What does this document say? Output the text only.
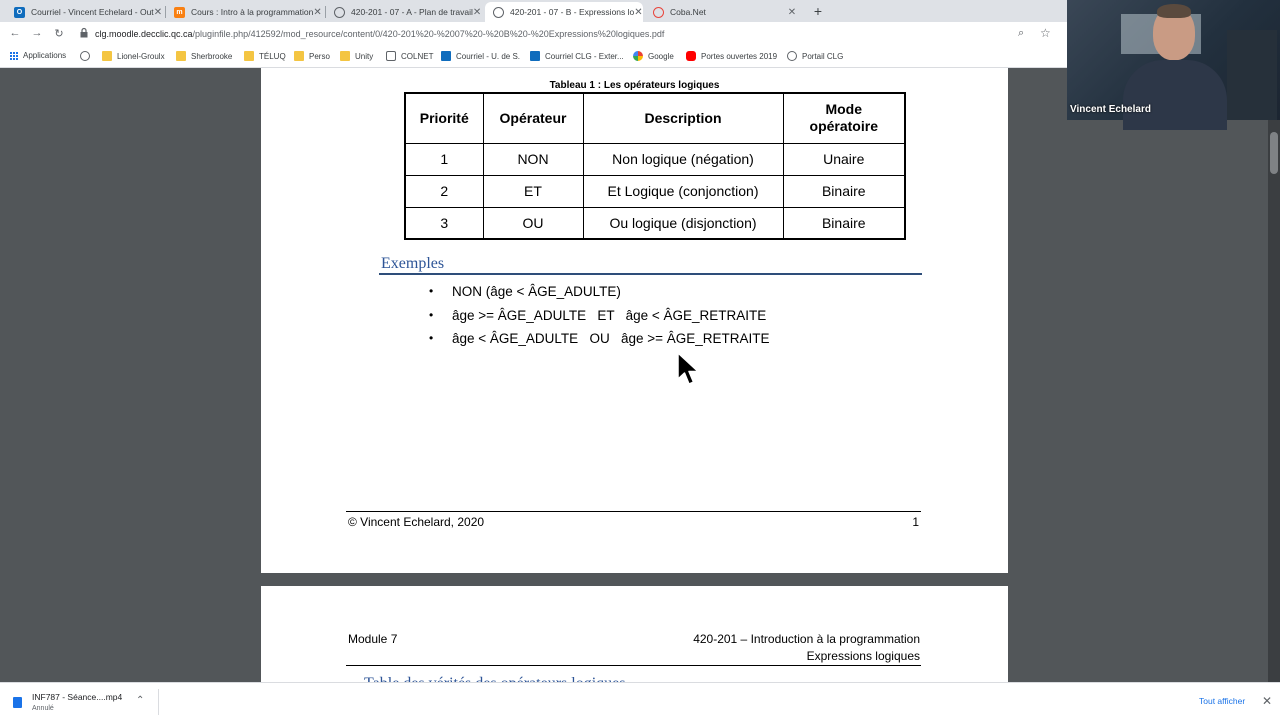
O	Courriel - Vincent Echelard - Out ✕	m Cours : Intro à la programmation ✕	420-201 - 07 - A - Plan de travail ✕	420-201 - 07 - B - Expressions lo ✕	Coba.Net	✕ +
← → ↻	clg.moodle.decclic.qc.ca/pluginfile.php/412592/mod_resource/content/0/420-201%20-%2007%20-%20B%20-%20Expressions%20logiques.pdf	⌕ ☆
Applications	Lionel-Groulx	Sherbrooke	TÉLUQ	Perso	Unity	COLNET	Courriel - U. de S.	Courriel CLG - Exter...	Google	Portes ouvertes 2019	Portail CLG
Tableau 1 : Les opérateurs logiques
Priorité	Opérateur	Description	Mode opératoire
1	NON	Non logique (négation)	Unaire
2	ET	Et Logique (conjonction)	Binaire
3	OU	Ou logique (disjonction)	Binaire
Exemples
• NON (âge < ÂGE_ADULTE)
• âge >= ÂGE_ADULTE   ET   âge < ÂGE_RETRAITE
• âge < ÂGE_ADULTE   OU   âge >= ÂGE_RETRAITE
© Vincent Echelard, 2020	1
Module 7	420-201 – Introduction à la programmation
Expressions logiques
Vincent Echelard
INF787 - Séance....mp4
Annulé
⌃	Tout afficher	✕
